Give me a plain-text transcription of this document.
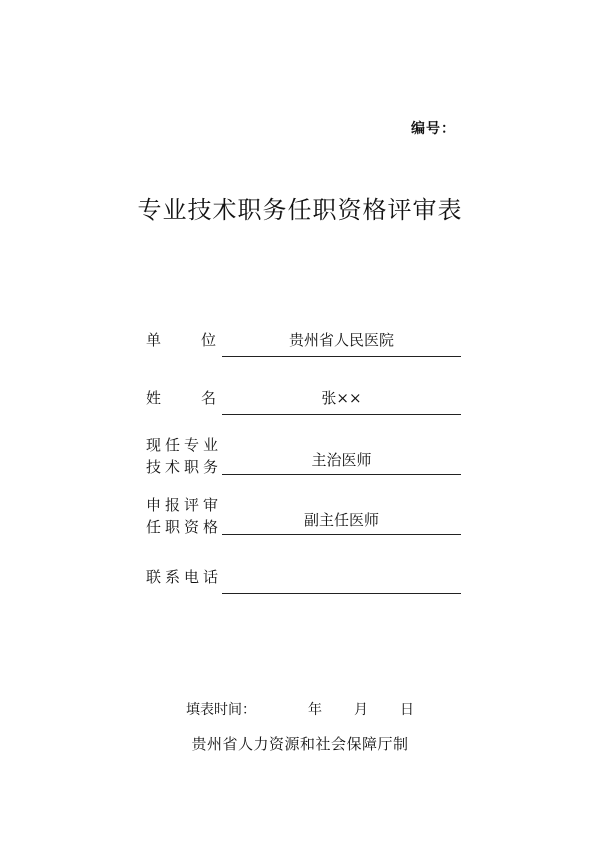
编号：
专业技术职务任职资格评审表
单	位	贵州省人民医院
姓	名	张××
现任专业
技术职务	主治医师
申报评审
任职资格	副主任医师
联系电话
填表时间：	年 月 日
贵州省人力资源和社会保障厅制
